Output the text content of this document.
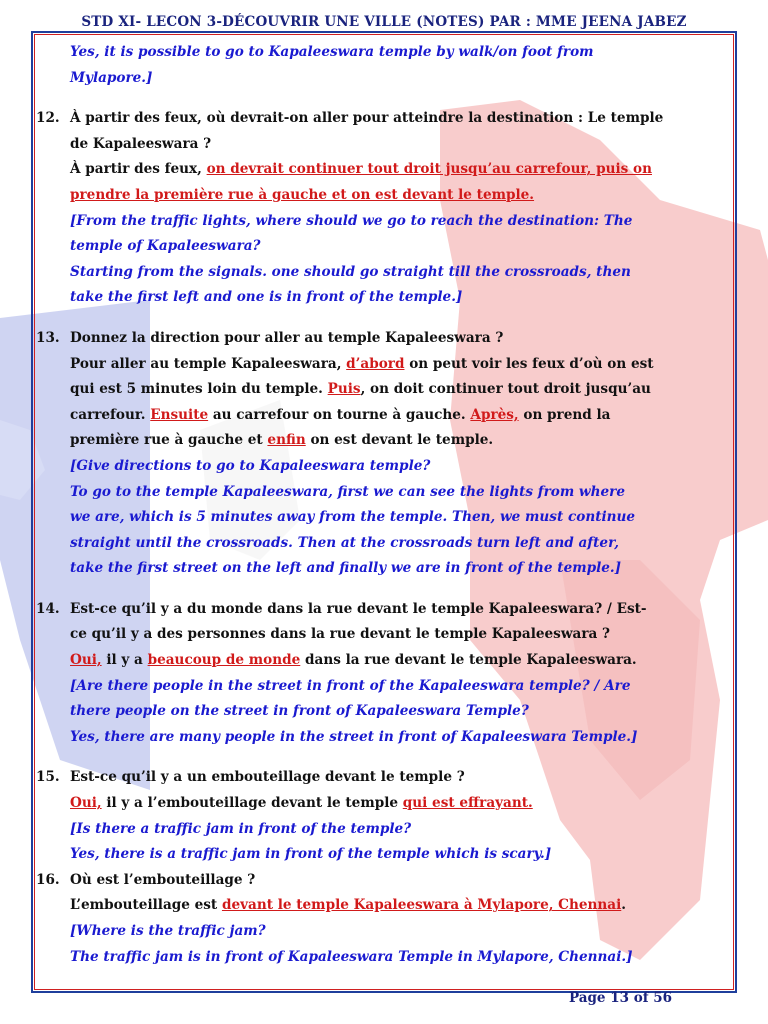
STD XI- LECON 3-DÉCOUVRIR UNE VILLE (NOTES) PAR : MME JEENA JABEZ
Yes, it is possible to go to Kapaleeswara temple by walk/on foot from
Mylapore.]
12. À partir des feux, où devrait-on aller pour atteindre la destination : Le temple
de Kapaleeswara ?
À partir des feux, on devrait continuer tout droit jusqu’au carrefour, puis on
prendre la première rue à gauche et on est devant le temple.
[From the traffic lights, where should we go to reach the destination: The
temple of Kapaleeswara?
Starting from the signals. one should go straight till the crossroads, then
take the first left and one is in front of the temple.]
13. Donnez la direction pour aller au temple Kapaleeswara ?
Pour aller au temple Kapaleeswara, d’abord on peut voir les feux d’où on est
qui est 5 minutes loin du temple. Puis, on doit continuer tout droit jusqu’au
carrefour. Ensuite au carrefour on tourne à gauche. Après, on prend la
première rue à gauche et enfin on est devant le temple.
[Give directions to go to Kapaleeswara temple?
To go to the temple Kapaleeswara, first we can see the lights from where
we are, which is 5 minutes away from the temple. Then, we must continue
straight until the crossroads. Then at the crossroads turn left and after,
take the first street on the left and finally we are in front of the temple.]
14. Est-ce qu’il y a du monde dans la rue devant le temple Kapaleeswara? / Est-
ce qu’il y a des personnes dans la rue devant le temple Kapaleeswara ?
Oui, il y a beaucoup de monde dans la rue devant le temple Kapaleeswara.
[Are there people in the street in front of the Kapaleeswara temple? / Are
there people on the street in front of Kapaleeswara Temple?
Yes, there are many people in the street in front of Kapaleeswara Temple.]
15. Est-ce qu’il y a un embouteillage devant le temple ?
Oui, il y a l’embouteillage devant le temple qui est effrayant.
[Is there a traffic jam in front of the temple?
Yes, there is a traffic jam in front of the temple which is scary.]
16. Où est l’embouteillage ?
L’embouteillage est devant le temple Kapaleeswara à Mylapore, Chennai.
[Where is the traffic jam?
The traffic jam is in front of Kapaleeswara Temple in Mylapore, Chennai.]
Page 13 of 56
